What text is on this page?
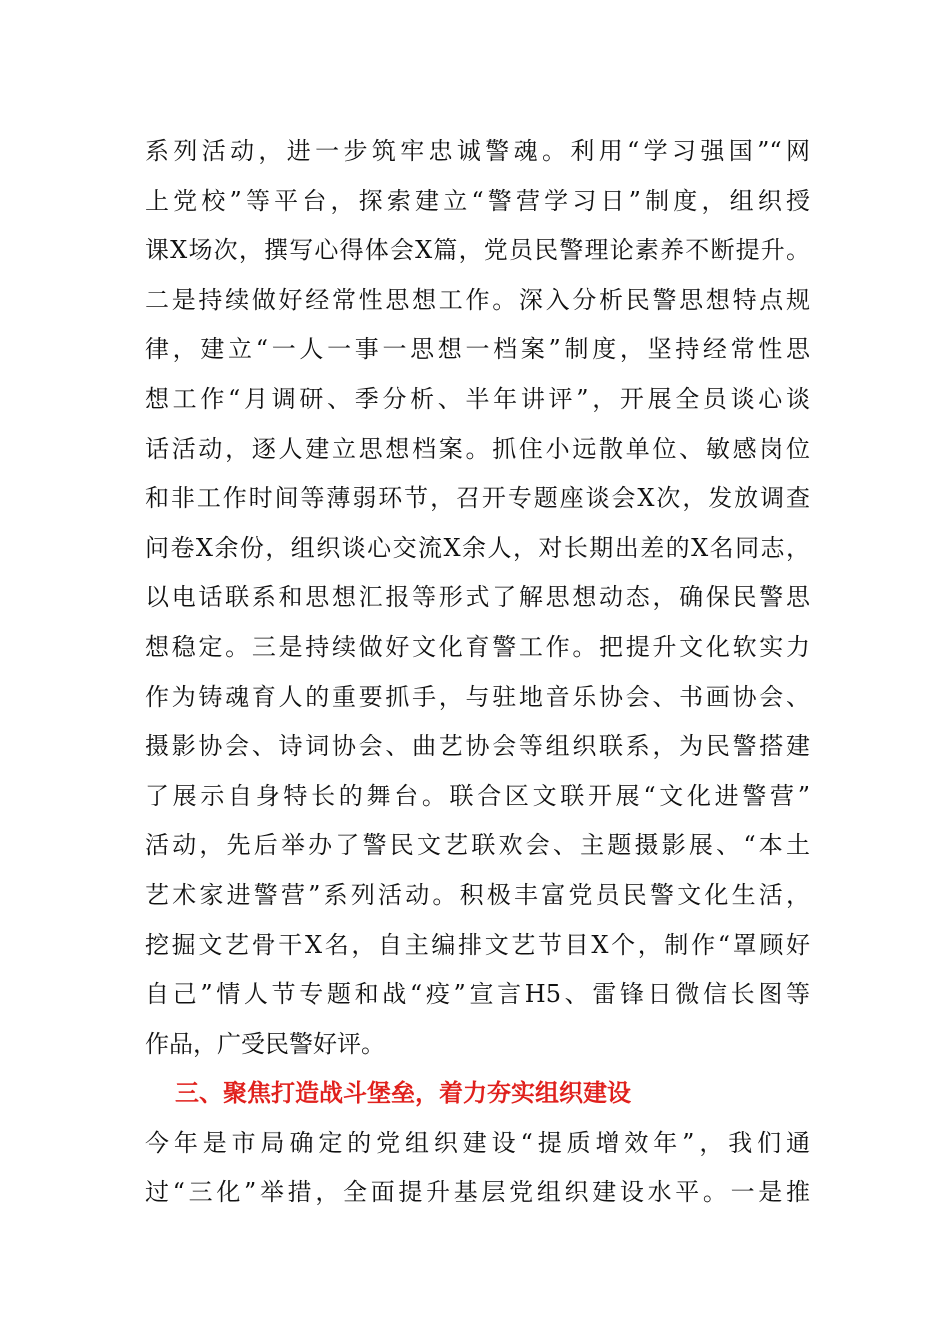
系列活动，进一步筑牢忠诚警魂。利用“学习强国”“网
上党校”等平台，探索建立“警营学习日”制度，组织授
课X场次，撰写心得体会X篇，党员民警理论素养不断提升。
二是持续做好经常性思想工作。深入分析民警思想特点规
律，建立“一人一事一思想一档案”制度，坚持经常性思
想工作“月调研、季分析、半年讲评”，开展全员谈心谈
话活动，逐人建立思想档案。抓住小远散单位、敏感岗位
和非工作时间等薄弱环节，召开专题座谈会X次，发放调查
问卷X余份，组织谈心交流X余人，对长期出差的X名同志，
以电话联系和思想汇报等形式了解思想动态，确保民警思
想稳定。三是持续做好文化育警工作。把提升文化软实力
作为铸魂育人的重要抓手，与驻地音乐协会、书画协会、
摄影协会、诗词协会、曲艺协会等组织联系，为民警搭建
了展示自身特长的舞台。联合区文联开展“文化进警营”
活动，先后举办了警民文艺联欢会、主题摄影展、“本土
艺术家进警营”系列活动。积极丰富党员民警文化生活，
挖掘文艺骨干X名，自主编排文艺节目X个，制作“罩顾好
自己”情人节专题和战“疫”宣言H5、雷锋日微信长图等
作品，广受民警好评。
三、聚焦打造战斗堡垒，着力夯实组织建设
今年是市局确定的党组织建设“提质增效年”，我们通
过“三化”举措，全面提升基层党组织建设水平。一是推
